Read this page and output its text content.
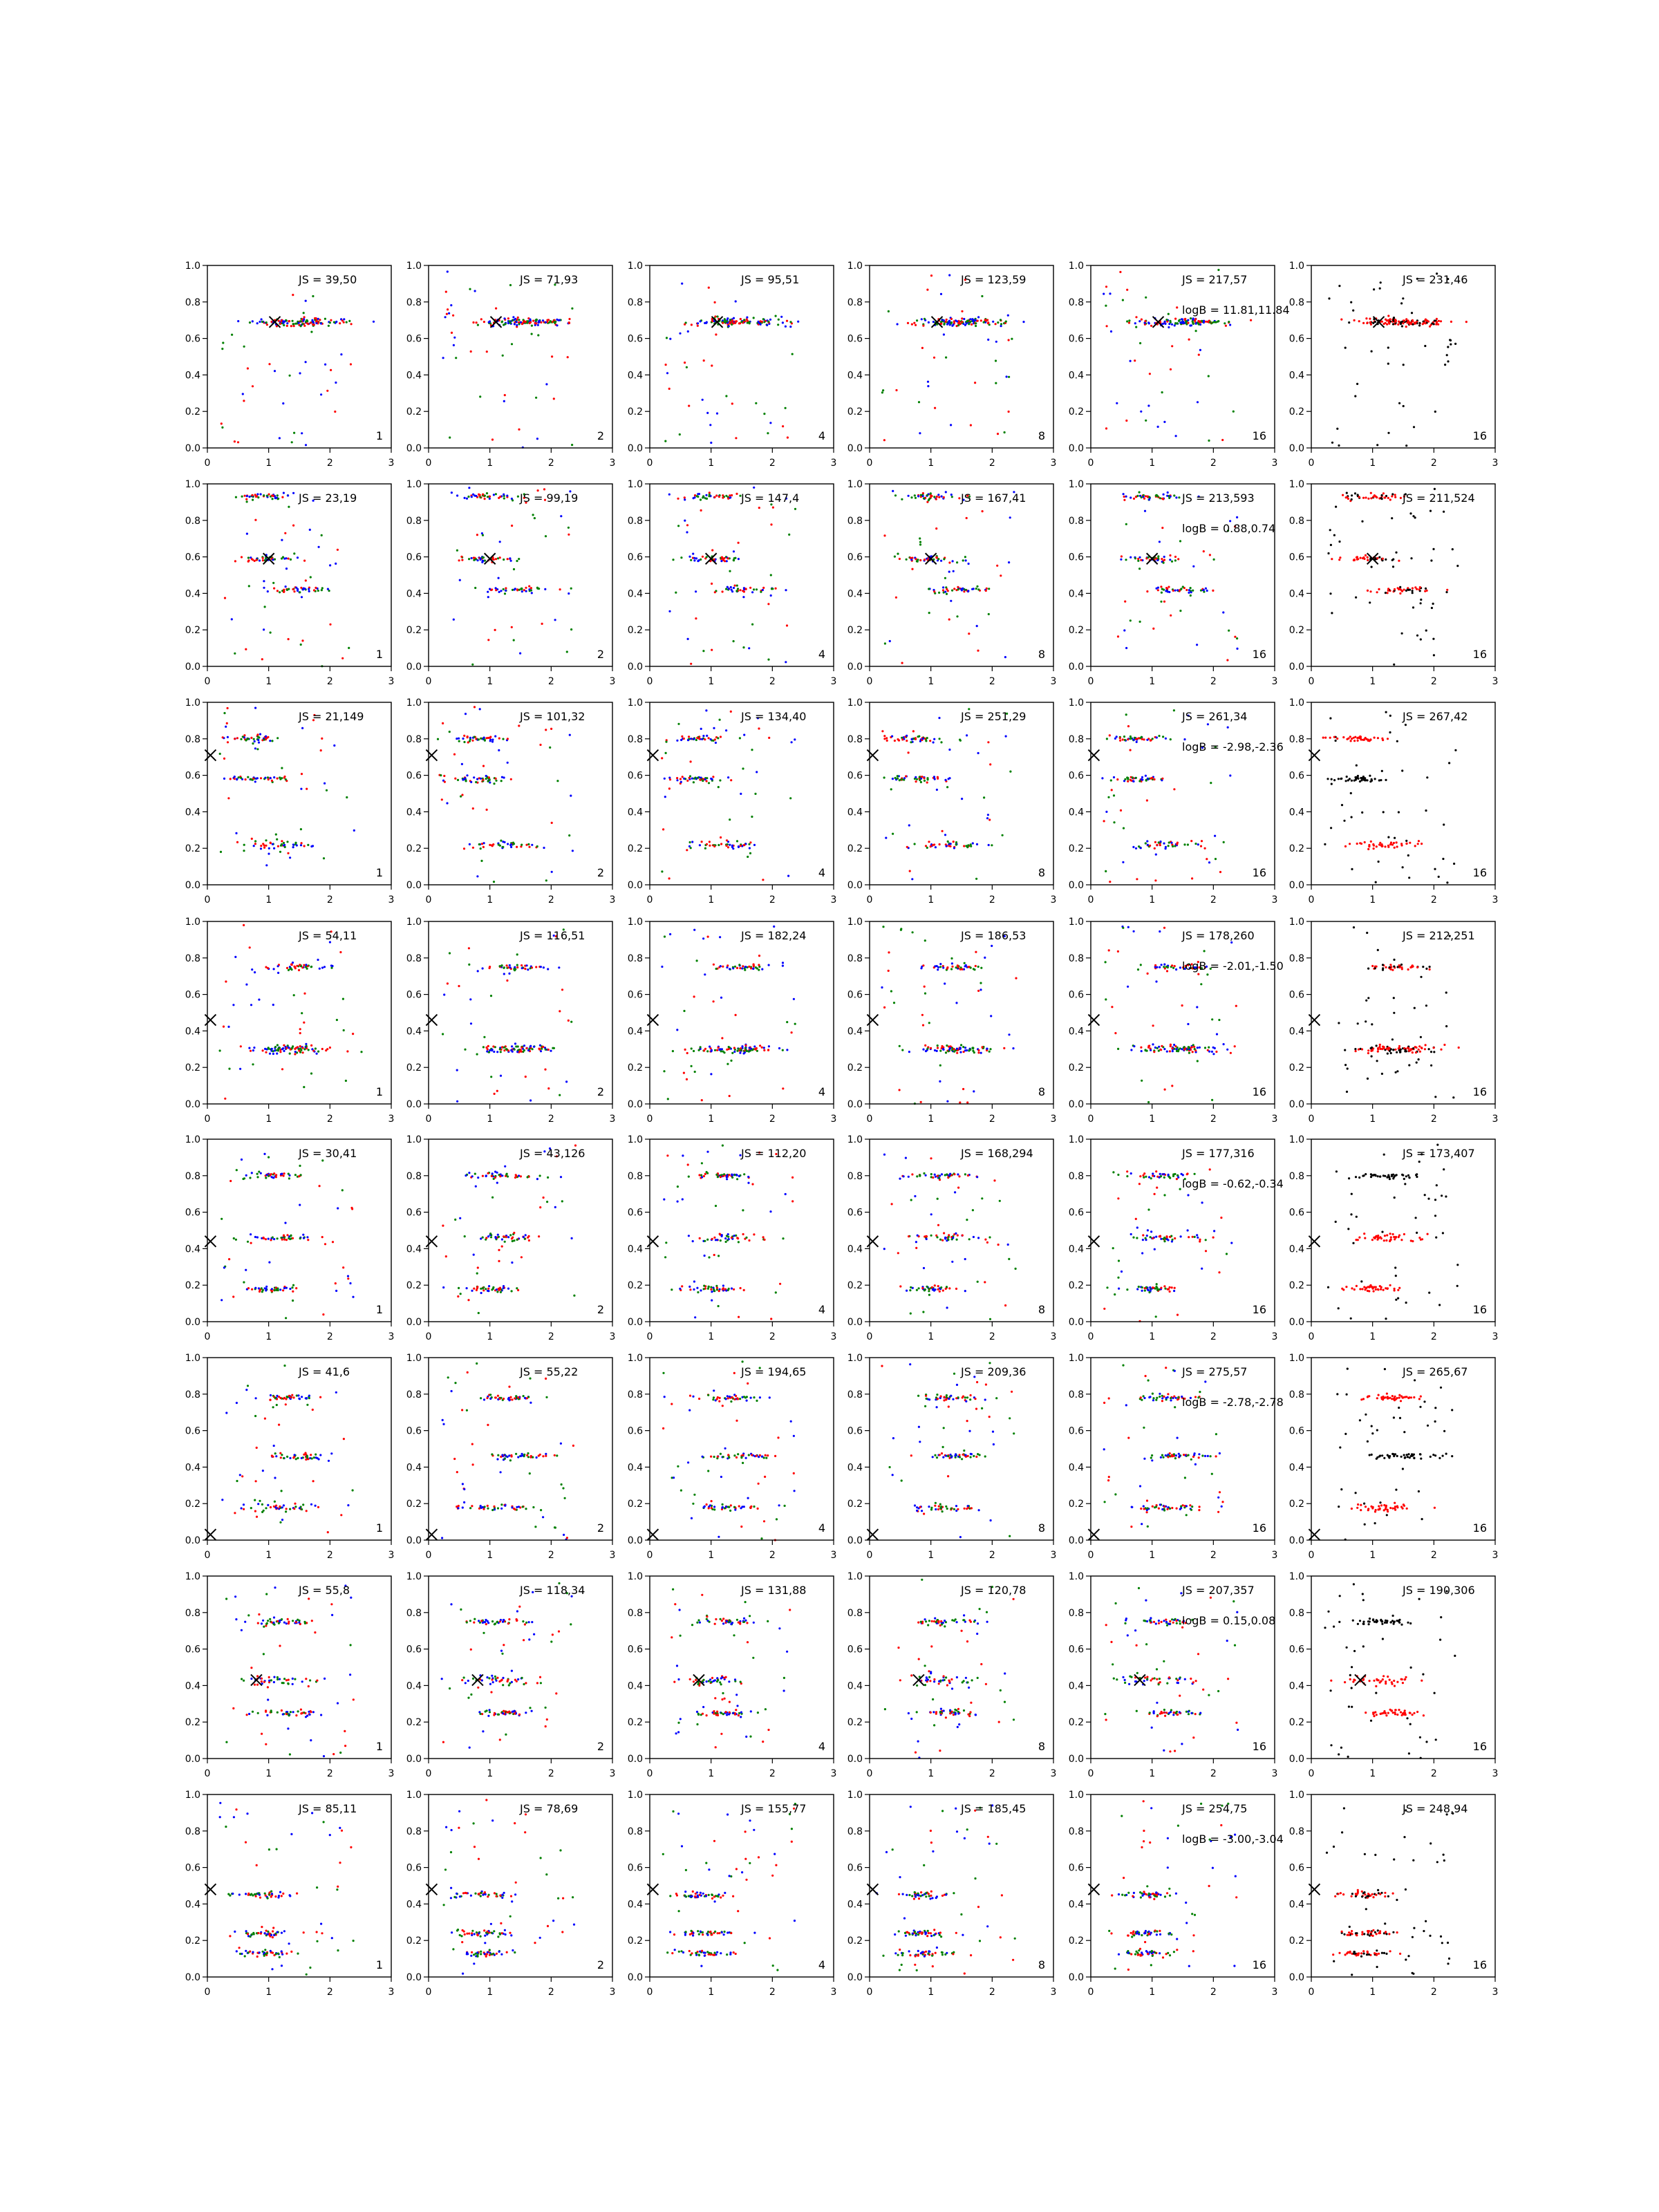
0	1	2	3
0.0
0.2
0.4
0.6
0.8
1.0
JS = 39,50
1
0	1	2	3
0.0
0.2
0.4
0.6
0.8
1.0
JS = 71,93
2
0	1	2	3
0.0
0.2
0.4
0.6
0.8
1.0
JS = 95,51
4
0	1	2	3
0.0
0.2
0.4
0.6
0.8
1.0
JS = 123,59
8
0	1	2	3
0.0
0.2
0.4
0.6
0.8
1.0
JS = 217,57
logB = 11.81,11.84
16
0	1	2	3
0.0
0.2
0.4
0.6
0.8
1.0
JS = 231,46
16
0	1	2	3
0.0
0.2
0.4
0.6
0.8
1.0
JS = 23,19
1
0	1	2	3
0.0
0.2
0.4
0.6
0.8
1.0
JS = 99,19
2
0	1	2	3
0.0
0.2
0.4
0.6
0.8
1.0
JS = 147,4
4
0	1	2	3
0.0
0.2
0.4
0.6
0.8
1.0
JS = 167,41
8
0	1	2	3
0.0
0.2
0.4
0.6
0.8
1.0
JS = 213,593
logB = 0.88,0.74
16
0	1	2	3
0.0
0.2
0.4
0.6
0.8
1.0
JS = 211,524
16
0	1	2	3
0.0
0.2
0.4
0.6
0.8
1.0
JS = 21,149
1
0	1	2	3
0.0
0.2
0.4
0.6
0.8
1.0
JS = 101,32
2
0	1	2	3
0.0
0.2
0.4
0.6
0.8
1.0
JS = 134,40
4
0	1	2	3
0.0
0.2
0.4
0.6
0.8
1.0
JS = 251,29
8
0	1	2	3
0.0
0.2
0.4
0.6
0.8
1.0
JS = 261,34
logB = -2.98,-2.36
16
0	1	2	3
0.0
0.2
0.4
0.6
0.8
1.0
JS = 267,42
16
0	1	2	3
0.0
0.2
0.4
0.6
0.8
1.0
JS = 54,11
1
0	1	2	3
0.0
0.2
0.4
0.6
0.8
1.0
JS = 116,51
2
0	1	2	3
0.0
0.2
0.4
0.6
0.8
1.0
JS = 182,24
4
0	1	2	3
0.0
0.2
0.4
0.6
0.8
1.0
JS = 186,53
8
0	1	2	3
0.0
0.2
0.4
0.6
0.8
1.0
JS = 178,260
logB = -2.01,-1.50
16
0	1	2	3
0.0
0.2
0.4
0.6
0.8
1.0
JS = 212,251
16
0	1	2	3
0.0
0.2
0.4
0.6
0.8
1.0
JS = 30,41
1
0	1	2	3
0.0
0.2
0.4
0.6
0.8
1.0
JS = 43,126
2
0	1	2	3
0.0
0.2
0.4
0.6
0.8
1.0
JS = 112,20
4
0	1	2	3
0.0
0.2
0.4
0.6
0.8
1.0
JS = 168,294
8
0	1	2	3
0.0
0.2
0.4
0.6
0.8
1.0
JS = 177,316
logB = -0.62,-0.34
16
0	1	2	3
0.0
0.2
0.4
0.6
0.8
1.0
JS = 173,407
16
0	1	2	3
0.0
0.2
0.4
0.6
0.8
1.0
JS = 41,6
1
0	1	2	3
0.0
0.2
0.4
0.6
0.8
1.0
JS = 55,22
2
0	1	2	3
0.0
0.2
0.4
0.6
0.8
1.0
JS = 194,65
4
0	1	2	3
0.0
0.2
0.4
0.6
0.8
1.0
JS = 209,36
8
0	1	2	3
0.0
0.2
0.4
0.6
0.8
1.0
JS = 275,57
logB = -2.78,-2.78
16
0	1	2	3
0.0
0.2
0.4
0.6
0.8
1.0
JS = 265,67
16
0	1	2	3
0.0
0.2
0.4
0.6
0.8
1.0
JS = 55,8
1
0	1	2	3
0.0
0.2
0.4
0.6
0.8
1.0
JS = 118,34
2
0	1	2	3
0.0
0.2
0.4
0.6
0.8
1.0
JS = 131,88
4
0	1	2	3
0.0
0.2
0.4
0.6
0.8
1.0
JS = 120,78
8
0	1	2	3
0.0
0.2
0.4
0.6
0.8
1.0
JS = 207,357
logB = 0.15,0.08
16
0	1	2	3
0.0
0.2
0.4
0.6
0.8
1.0
JS = 190,306
16
0	1	2	3
0.0
0.2
0.4
0.6
0.8
1.0
JS = 85,11
1
0	1	2	3
0.0
0.2
0.4
0.6
0.8
1.0
JS = 78,69
2
0	1	2	3
0.0
0.2
0.4
0.6
0.8
1.0
JS = 155,77
4
0	1	2	3
0.0
0.2
0.4
0.6
0.8
1.0
JS = 185,45
8
0	1	2	3
0.0
0.2
0.4
0.6
0.8
1.0
JS = 254,75
logB = -3.00,-3.04
16
0	1	2	3
0.0
0.2
0.4
0.6
0.8
1.0
JS = 248,94
16
